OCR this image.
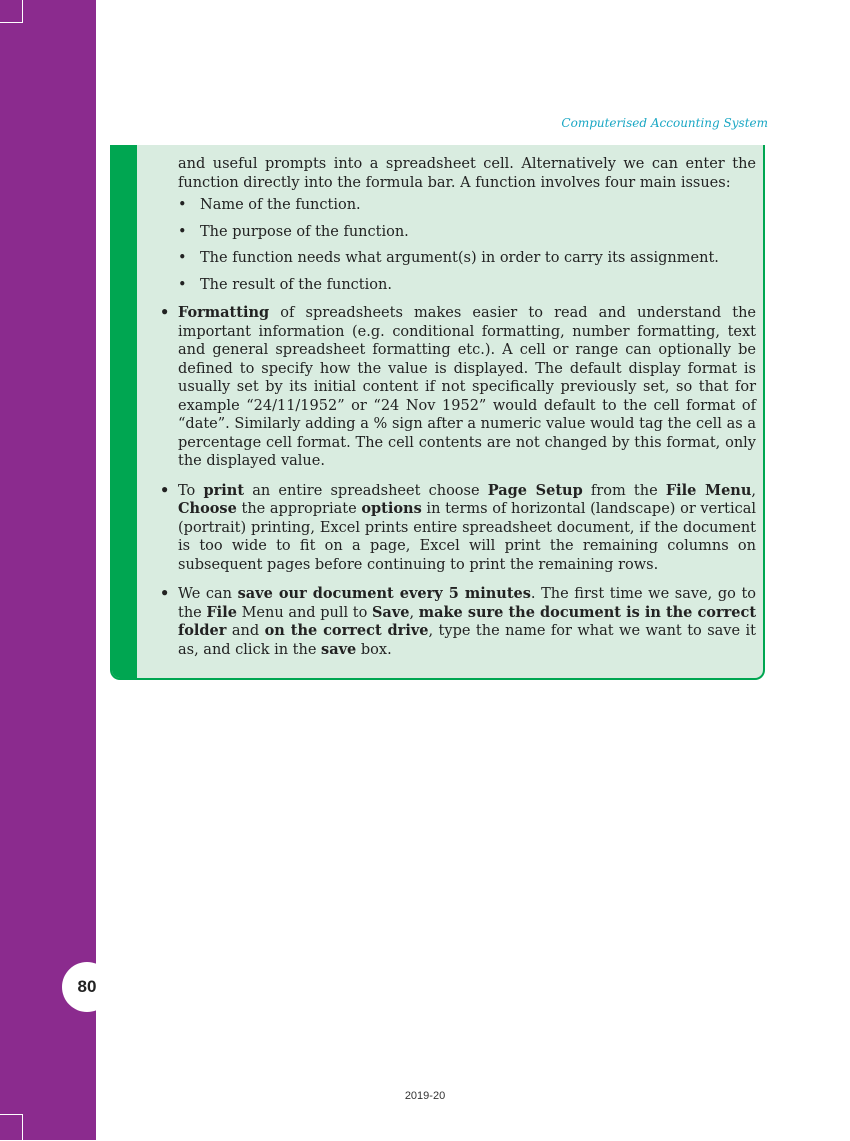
80
Computerised Accounting System

and useful prompts into a spreadsheet cell. Alternatively we can enter the function directly into the formula bar. A function involves four main issues:

• Name of the function.
• The purpose of the function.
• The function needs what argument(s) in order to carry its assignment.
• The result of the function.
• Formatting of spreadsheets makes easier to read and understand the important information (e.g. conditional formatting, number formatting, text and general spreadsheet formatting etc.). A cell or range can optionally be defined to specify how the value is displayed. The default display format is usually set by its initial content if not specifically previously set, so that for example “24/11/1952” or “24 Nov 1952” would default to the cell format of “date”. Similarly adding a % sign after a numeric value would tag the cell as a percentage cell format. The cell contents are not changed by this format, only the displayed value.
• To print an entire spreadsheet choose Page Setup from the File Menu, Choose the appropriate options in terms of horizontal (landscape) or vertical (portrait) printing, Excel prints entire spreadsheet document, if the document is too wide to fit on a page, Excel will print the remaining columns on subsequent pages before continuing to print the remaining rows.
• We can save our document every 5 minutes. The first time we save, go to the File Menu and pull to Save, make sure the document is in the correct folder and on the correct drive, type the name for what we want to save it as, and click in the save box.
2019-20
